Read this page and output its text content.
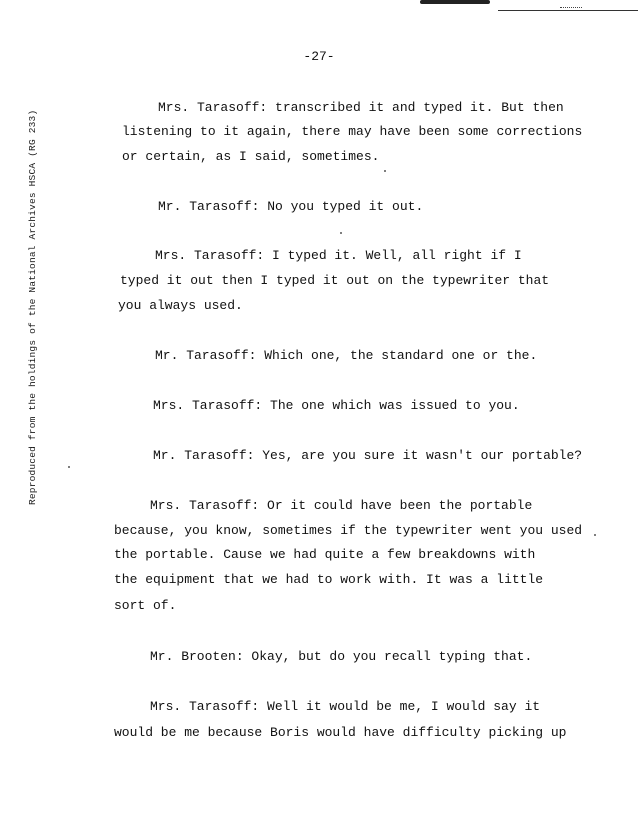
-27-
Reproduced from the holdings of the National Archives HSCA (RG 233)
Mrs. Tarasoff: transcribed it and typed it. But then
listening to it again, there may have been some corrections
or certain, as I said, sometimes.
Mr. Tarasoff: No you typed it out.
Mrs. Tarasoff: I typed it. Well, all right if I
typed it out then I typed it out on the typewriter that
you always used.
Mr. Tarasoff: Which one, the standard one or the.
Mrs. Tarasoff: The one which was issued to you.
Mr. Tarasoff: Yes, are you sure it wasn't our portable?
Mrs. Tarasoff: Or it could have been the portable
because, you know, sometimes if the typewriter went you used
the portable. Cause we had quite a few breakdowns with
the equipment that we had to work with. It was a little
sort of.
Mr. Brooten: Okay, but do you recall typing that.
Mrs. Tarasoff: Well it would be me, I would say it
would be me because Boris would have difficulty picking up
